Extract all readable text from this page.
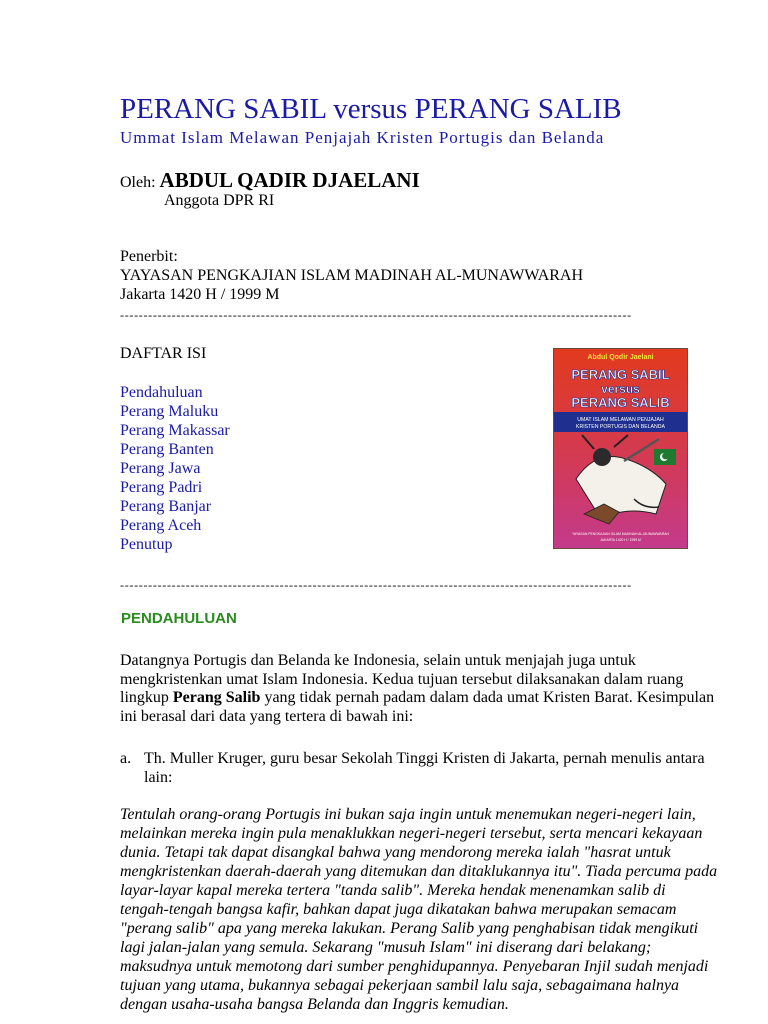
PERANG SABIL versus PERANG SALIB
Ummat Islam Melawan Penjajah Kristen Portugis dan Belanda
Oleh: ABDUL QADIR DJAELANI
Anggota DPR RI
Penerbit:
YAYASAN PENGKAJIAN ISLAM MADINAH AL-MUNAWWARAH
Jakarta 1420 H / 1999 M
-------------------------------------------------------------------------------------------------------------
DAFTAR ISI
Pendahuluan
Perang Maluku
Perang Makassar
Perang Banten
Perang Jawa
Perang Padri
Perang Banjar
Perang Aceh
Penutup
Abdul Qodir Jaelani
PERANG SABIL
versus
PERANG SALIB
UMAT ISLAM MELAWAN PENJAJAH
KRISTEN PORTUGIS DAN BELANDA
YAYASAN PENGKAJIAN ISLAM MADINAH AL-MUNAWWARAH
JAKARTA 1420 H / 1999 M
-------------------------------------------------------------------------------------------------------------
PENDAHULUAN

Datangnya Portugis dan Belanda ke Indonesia, selain untuk menjajah juga untuk mengkristenkan umat Islam Indonesia. Kedua tujuan tersebut dilaksanakan dalam ruang lingkup Perang Salib yang tidak pernah padam dalam dada umat Kristen Barat. Kesimpulan ini berasal dari data yang tertera di bawah ini:

a. Th. Muller Kruger, guru besar Sekolah Tinggi Kristen di Jakarta, pernah menulis antara lain:

Tentulah orang-orang Portugis ini bukan saja ingin untuk menemukan negeri-negeri lain, melainkan mereka ingin pula menaklukkan negeri-negeri tersebut, serta mencari kekayaan dunia. Tetapi tak dapat disangkal bahwa yang mendorong mereka ialah "hasrat untuk mengkristenkan daerah-daerah yang ditemukan dan ditaklukannya itu". Tiada percuma pada layar-layar kapal mereka tertera "tanda salib". Mereka hendak menenamkan salib di tengah-tengah bangsa kafir, bahkan dapat juga dikatakan bahwa merupakan semacam "perang salib" apa yang mereka lakukan. Perang Salib yang penghabisan tidak mengikuti lagi jalan-jalan yang semula. Sekarang "musuh Islam" ini diserang dari belakang; maksudnya untuk memotong dari sumber penghidupannya. Penyebaran Injil sudah menjadi tujuan yang utama, bukannya sebagai pekerjaan sambil lalu saja, sebagaimana halnya dengan usaha-usaha bangsa Belanda dan Inggris kemudian.
